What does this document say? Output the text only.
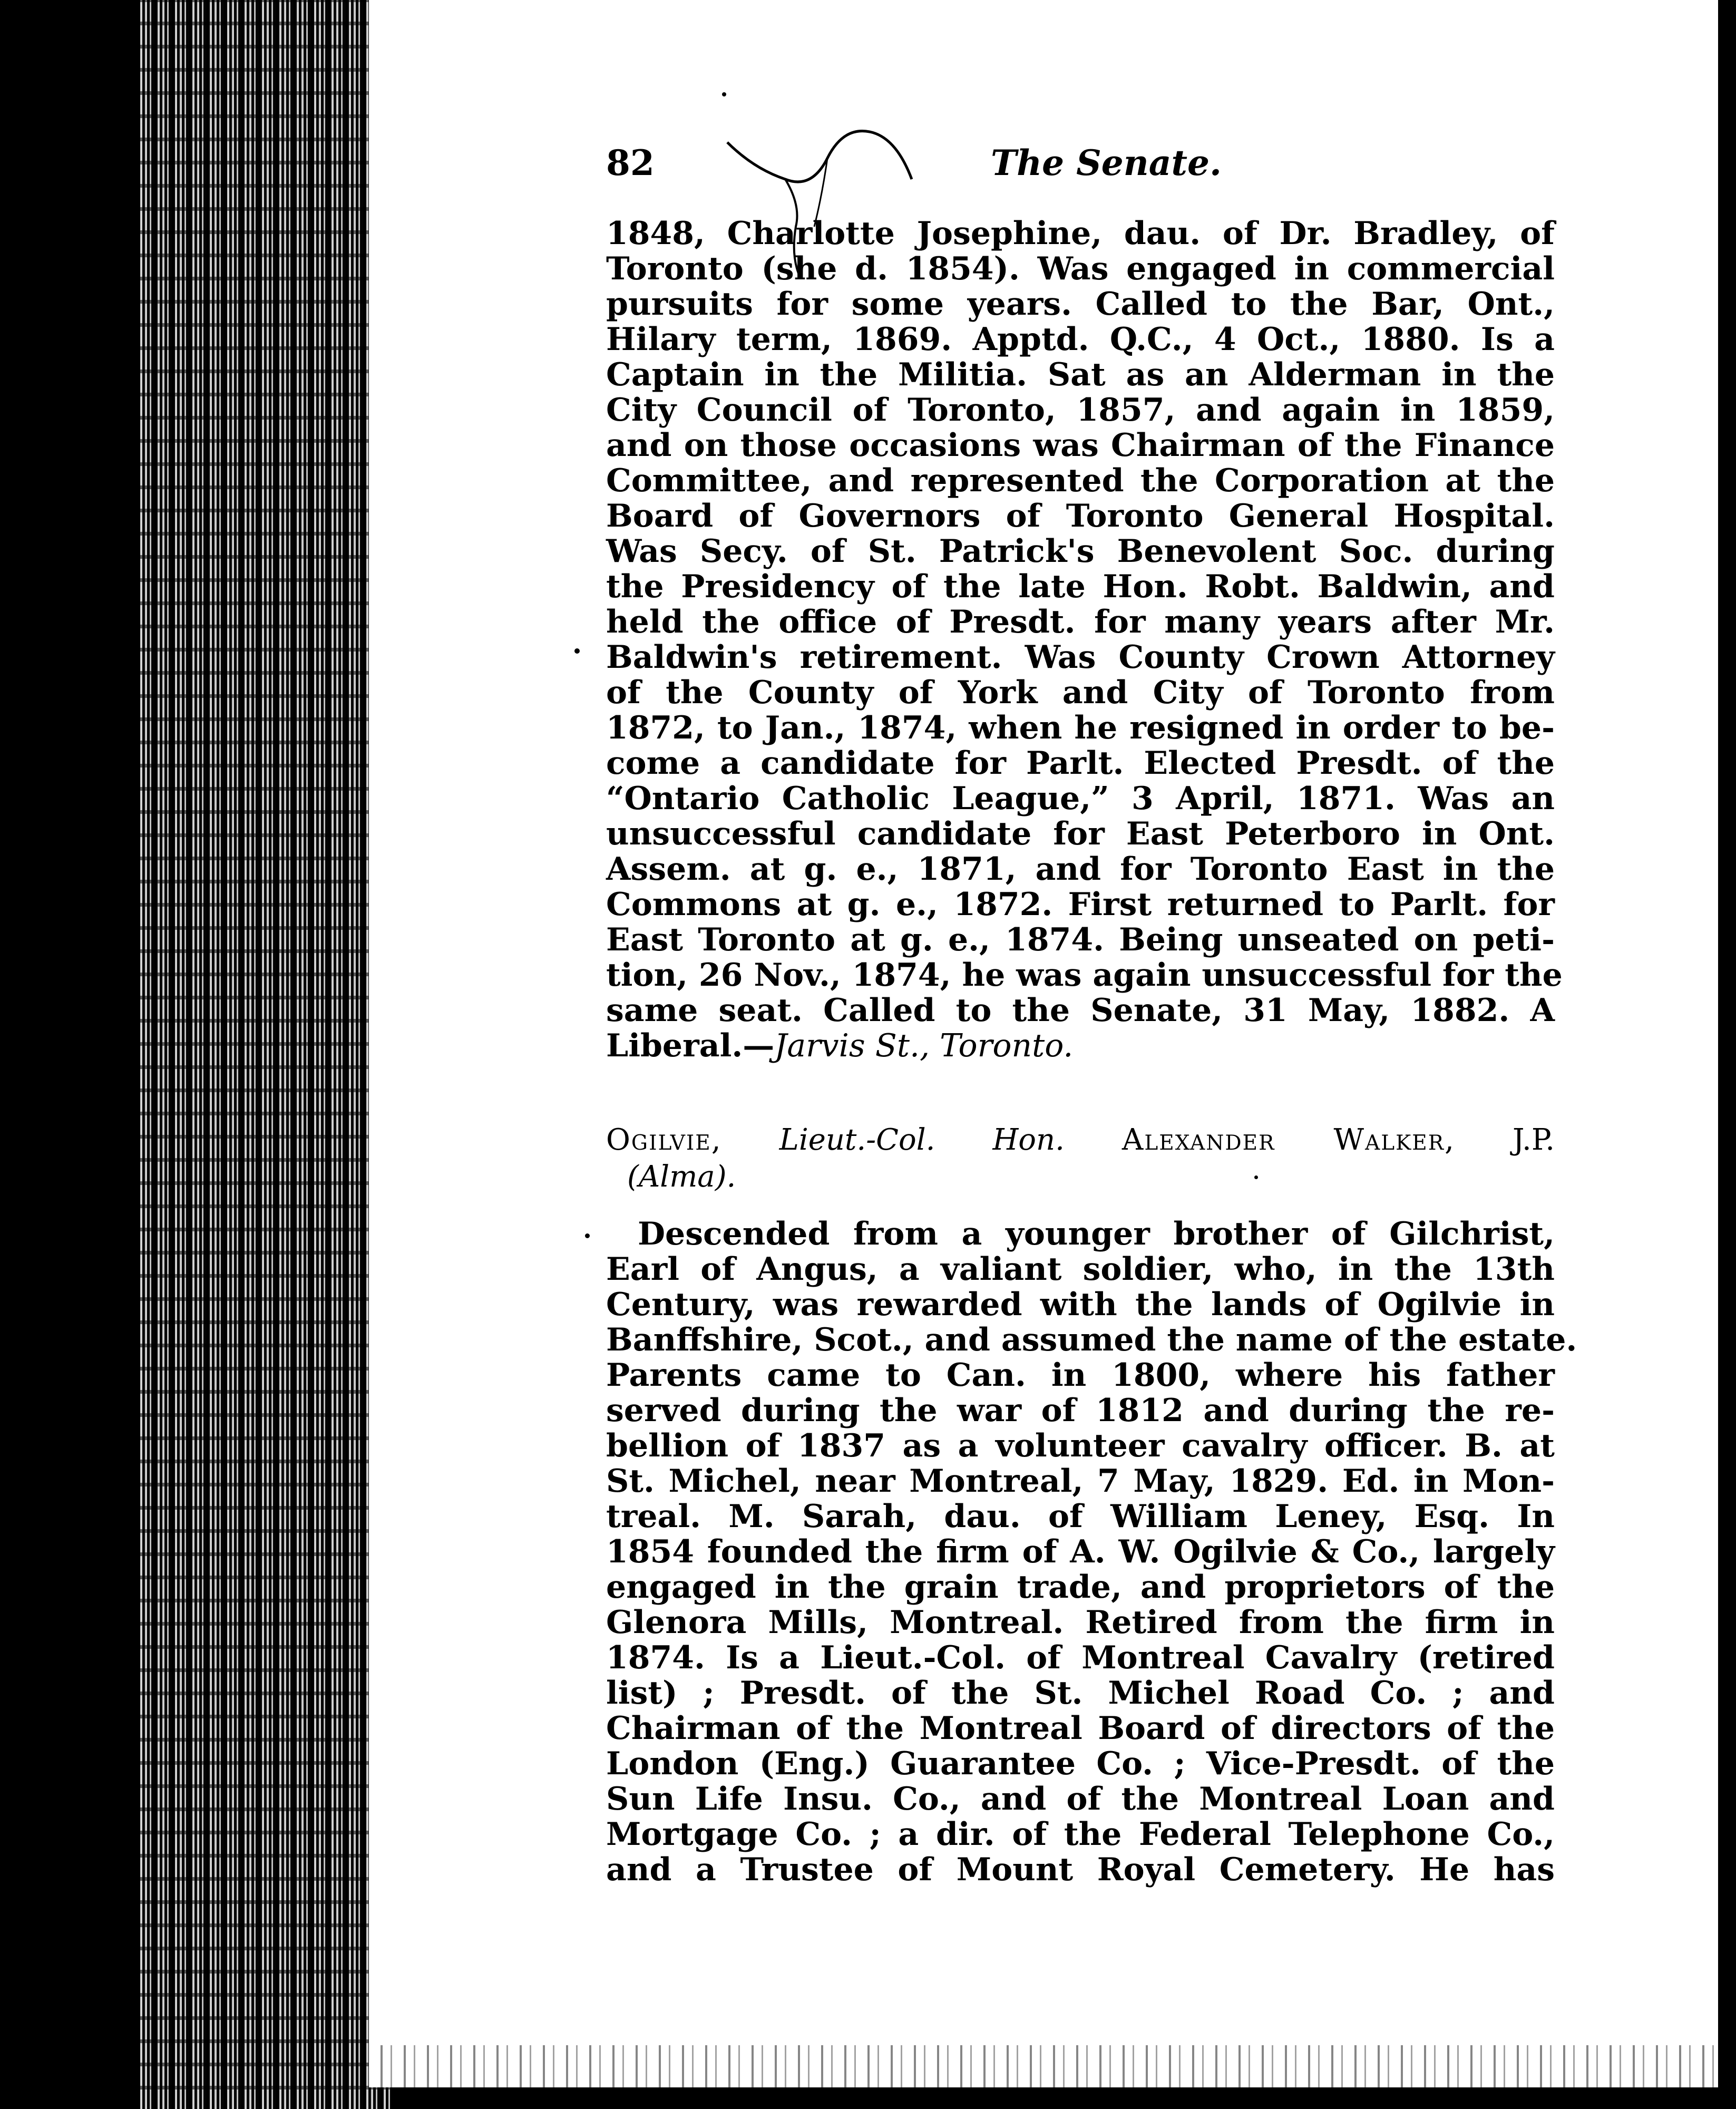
82	The Senate.
1848, Charlotte Josephine, dau. of Dr. Bradley, of
Toronto (she d. 1854). Was engaged in commercial
pursuits for some years. Called to the Bar, Ont.,
Hilary term, 1869. Apptd. Q.C., 4 Oct., 1880. Is a
Captain in the Militia. Sat as an Alderman in the
City Council of Toronto, 1857, and again in 1859,
and on those occasions was Chairman of the Finance
Committee, and represented the Corporation at the
Board of Governors of Toronto General Hospital.
Was Secy. of St. Patrick's Benevolent Soc. during
the Presidency of the late Hon. Robt. Baldwin, and
held the office of Presdt. for many years after Mr.
Baldwin's retirement. Was County Crown Attorney
of the County of York and City of Toronto from
1872, to Jan., 1874, when he resigned in order to be-
come a candidate for Parlt. Elected Presdt. of the
“Ontario Catholic League,” 3 April, 1871. Was an
unsuccessful candidate for East Peterboro in Ont.
Assem. at g. e., 1871, and for Toronto East in the
Commons at g. e., 1872. First returned to Parlt. for
East Toronto at g. e., 1874. Being unseated on peti-
tion, 26 Nov., 1874, he was again unsuccessful for the
same seat. Called to the Senate, 31 May, 1882. A
Liberal.—Jarvis St., Toronto.
Ogilvie, Lieut.-Col. Hon. Alexander Walker, J.P.
(Alma).
Descended from a younger brother of Gilchrist,
Earl of Angus, a valiant soldier, who, in the 13th
Century, was rewarded with the lands of Ogilvie in
Banffshire, Scot., and assumed the name of the estate.
Parents came to Can. in 1800, where his father
served during the war of 1812 and during the re-
bellion of 1837 as a volunteer cavalry officer. B. at
St. Michel, near Montreal, 7 May, 1829. Ed. in Mon-
treal. M. Sarah, dau. of William Leney, Esq. In
1854 founded the firm of A. W. Ogilvie & Co., largely
engaged in the grain trade, and proprietors of the
Glenora Mills, Montreal. Retired from the firm in
1874. Is a Lieut.-Col. of Montreal Cavalry (retired
list) ; Presdt. of the St. Michel Road Co. ; and
Chairman of the Montreal Board of directors of the
London (Eng.) Guarantee Co. ; Vice-Presdt. of the
Sun Life Insu. Co., and of the Montreal Loan and
Mortgage Co. ; a dir. of the Federal Telephone Co.,
and a Trustee of Mount Royal Cemetery. He has
